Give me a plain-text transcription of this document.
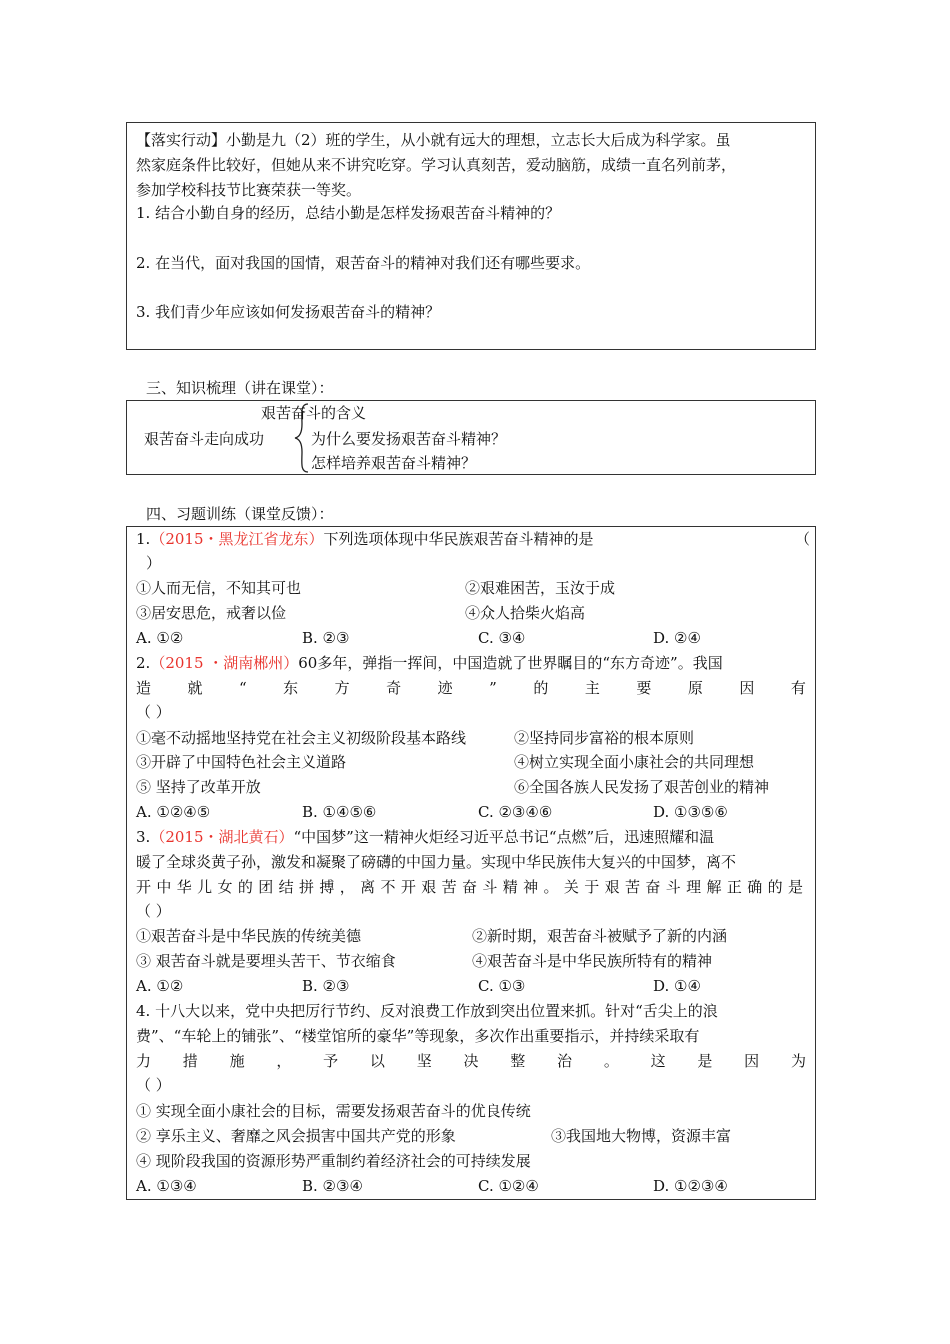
【落实行动】小勤是九（2）班的学生，从小就有远大的理想，立志长大后成为科学家。虽
然家庭条件比较好，但她从来不讲究吃穿。学习认真刻苦，爱动脑筋，成绩一直名列前茅，
参加学校科技节比赛荣获一等奖。
1. 结合小勤自身的经历，总结小勤是怎样发扬艰苦奋斗精神的？
2. 在当代，面对我国的国情，艰苦奋斗的精神对我们还有哪些要求。
3. 我们青少年应该如何发扬艰苦奋斗的精神？
三、知识梳理（讲在课堂）：
艰苦奋斗走向成功
艰苦奋斗的含义
为什么要发扬艰苦奋斗精神？
怎样培养艰苦奋斗精神？
四、习题训练（课堂反馈）：
1.（2015・黑龙江省龙东）下列选项体现中华民族艰苦奋斗精神的是	（
）
①人而无信，不知其可也	②艰难困苦，玉汝于成
③居安思危，戒奢以俭	④众人拾柴火焰高
A. ①②	B. ②③	C. ③④	D. ②④
2.（2015 ・湖南郴州）60多年，弹指一挥间，中国造就了世界瞩目的“东方奇迹”。我国
造 就 “ 东 方 奇 迹 ” 的 主 要 原 因 有
（ ）
①毫不动摇地坚持党在社会主义初级阶段基本路线	②坚持同步富裕的根本原则
③开辟了中国特色社会主义道路	④树立实现全面小康社会的共同理想
⑤ 坚持了改革开放	⑥全国各族人民发扬了艰苦创业的精神
A. ①②④⑤	B. ①④⑤⑥	C. ②③④⑥	D. ①③⑤⑥
3.（2015・湖北黄石）“中国梦”这一精神火炬经习近平总书记“点燃”后，迅速照耀和温
暖了全球炎黄子孙，激发和凝聚了磅礴的中国力量。实现中华民族伟大复兴的中国梦，离不
开中华儿女的团结拼搏，离不开艰苦奋斗精神。关于艰苦奋斗理解正确的是
（ ）
①艰苦奋斗是中华民族的传统美德	②新时期，艰苦奋斗被赋予了新的内涵
③ 艰苦奋斗就是要埋头苦干、节衣缩食	④艰苦奋斗是中华民族所特有的精神
A. ①②	B. ②③	C. ①③	D. ①④
4. 十八大以来，党中央把厉行节约、反对浪费工作放到突出位置来抓。针对“舌尖上的浪
费”、“车轮上的铺张”、“楼堂馆所的豪华”等现象，多次作出重要指示，并持续采取有
力 措 施 ， 予 以 坚 决 整 治 。 这 是 因 为
（ ）
① 实现全面小康社会的目标，需要发扬艰苦奋斗的优良传统
② 享乐主义、奢靡之风会损害中国共产党的形象	③我国地大物博，资源丰富
④ 现阶段我国的资源形势严重制约着经济社会的可持续发展
A. ①③④	B. ②③④	C. ①②④	D. ①②③④
